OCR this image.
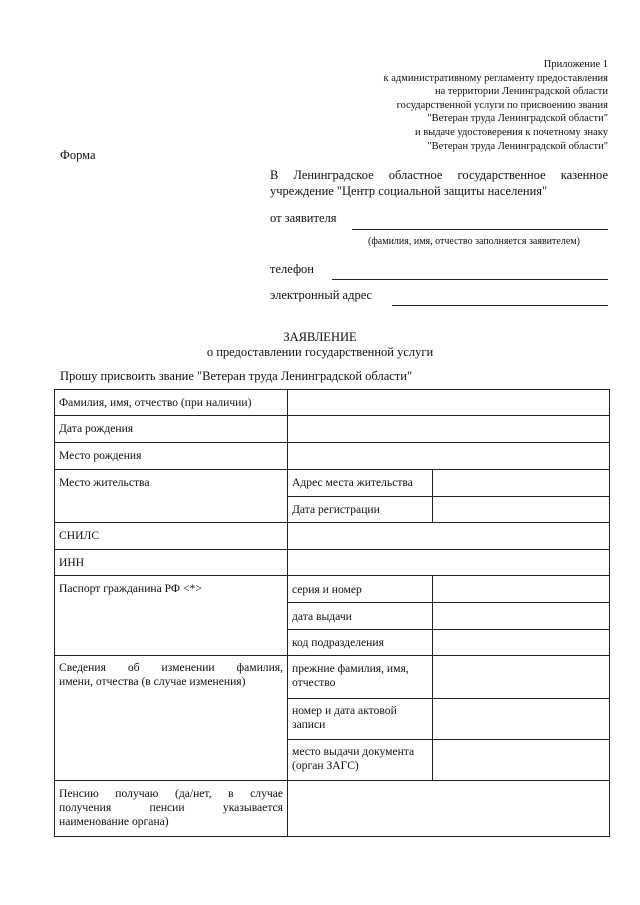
Приложение 1
к административному регламенту предоставления
на территории Ленинградской области
государственной услуги по присвоению звания
"Ветеран труда Ленинградской области"
и выдаче удостоверения к почетному знаку
"Ветеран труда Ленинградской области"
Форма
В Ленинградское областное государственное казенное
учреждение "Центр социальной защиты населения"
от заявителя
(фамилия, имя, отчество заполняется заявителем)
телефон
электронный адрес
ЗАЯВЛЕНИЕ
о предоставлении государственной услуги
Прошу присвоить звание "Ветеран труда Ленинградской области"
Фамилия, имя, отчество (при наличии)
Дата рождения
Место рождения
Место жительства	Адрес места жительства
Дата регистрации
СНИЛС
ИНН
Паспорт гражданина РФ <*>	серия и номер
дата выдачи
код подразделения
Сведения об изменении фамилия,
имени, отчества (в случае изменения)
прежние фамилия, имя, отчество
номер и дата актовой записи
место выдачи документа (орган ЗАГС)
Пенсию получаю (да/нет, в случае
получения пенсии указывается
наименование органа)
